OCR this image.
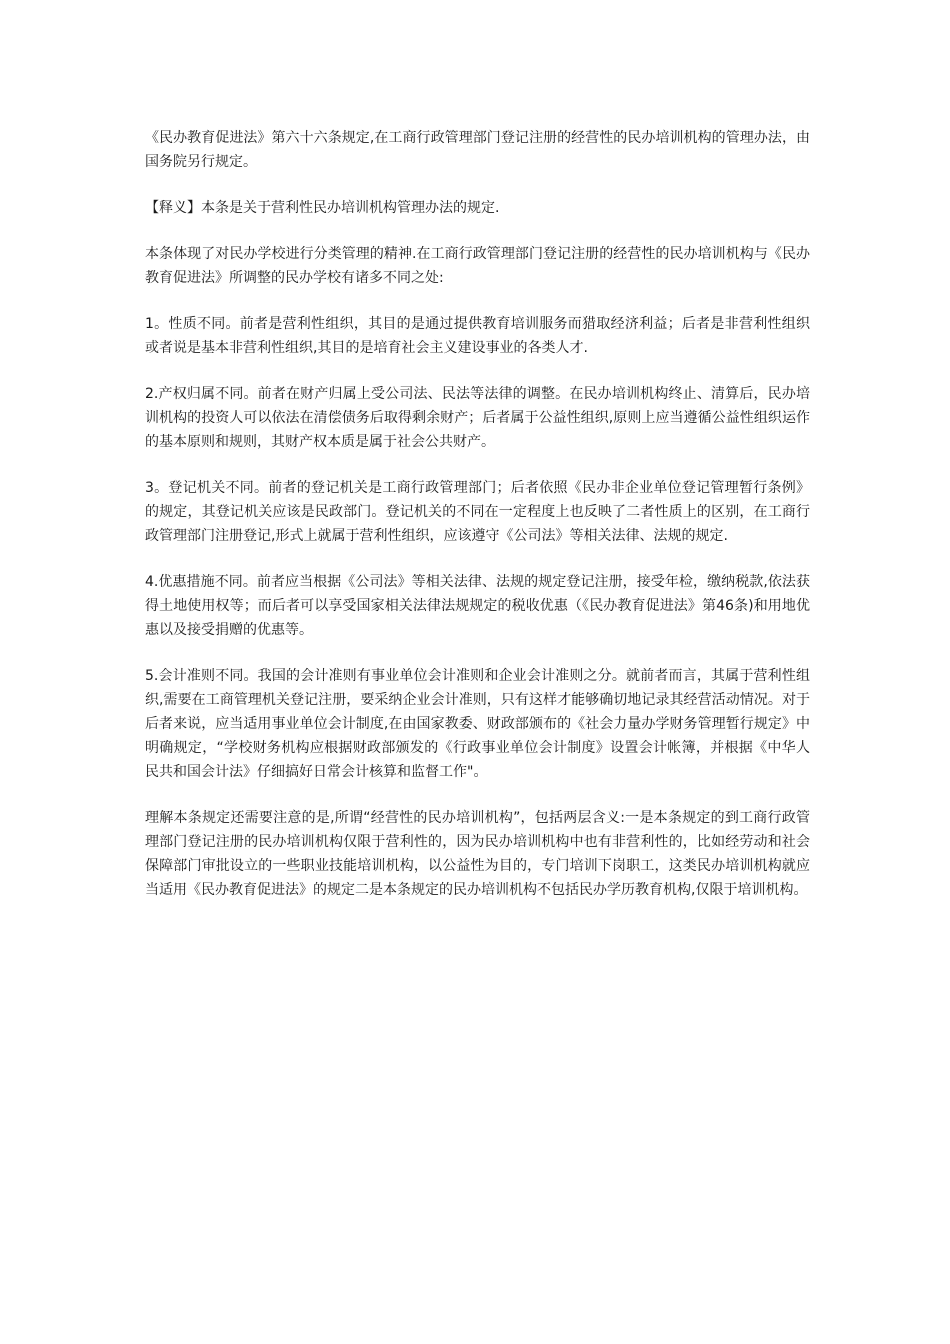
《民办教育促进法》第六十六条规定,在工商行政管理部门登记注册的经营性的民办培训机构的管理办法，由国务院另行规定。

【释义】本条是关于营利性民办培训机构管理办法的规定.

本条体现了对民办学校进行分类管理的精神.在工商行政管理部门登记注册的经营性的民办培训机构与《民办教育促进法》所调整的民办学校有诸多不同之处:

1。性质不同。前者是营利性组织，其目的是通过提供教育培训服务而猎取经济利益；后者是非营利性组织或者说是基本非营利性组织,其目的是培育社会主义建设事业的各类人才.

2.产权归属不同。前者在财产归属上受公司法、民法等法律的调整。在民办培训机构终止、清算后，民办培训机构的投资人可以依法在清偿债务后取得剩余财产；后者属于公益性组织,原则上应当遵循公益性组织运作的基本原则和规则，其财产权本质是属于社会公共财产。

3。登记机关不同。前者的登记机关是工商行政管理部门；后者依照《民办非企业单位登记管理暂行条例》的规定，其登记机关应该是民政部门。登记机关的不同在一定程度上也反映了二者性质上的区别，在工商行政管理部门注册登记,形式上就属于营利性组织，应该遵守《公司法》等相关法律、法规的规定.

4.优惠措施不同。前者应当根据《公司法》等相关法律、法规的规定登记注册，接受年检，缴纳税款,依法获得土地使用权等；而后者可以享受国家相关法律法规规定的税收优惠（《民办教育促进法》第46条)和用地优惠以及接受捐赠的优惠等。

5.会计准则不同。我国的会计准则有事业单位会计准则和企业会计准则之分。就前者而言，其属于营利性组织,需要在工商管理机关登记注册，要采纳企业会计准则，只有这样才能够确切地记录其经营活动情况。对于后者来说，应当适用事业单位会计制度,在由国家教委、财政部颁布的《社会力量办学财务管理暂行规定》中明确规定，“学校财务机构应根据财政部颁发的《行政事业单位会计制度》设置会计帐簿，并根据《中华人民共和国会计法》仔细搞好日常会计核算和监督工作"。

理解本条规定还需要注意的是,所谓“经营性的民办培训机构”，包括两层含义:一是本条规定的到工商行政管理部门登记注册的民办培训机构仅限于营利性的，因为民办培训机构中也有非营利性的，比如经劳动和社会保障部门审批设立的一些职业技能培训机构，以公益性为目的，专门培训下岗职工，这类民办培训机构就应当适用《民办教育促进法》的规定二是本条规定的民办培训机构不包括民办学历教育机构,仅限于培训机构。
